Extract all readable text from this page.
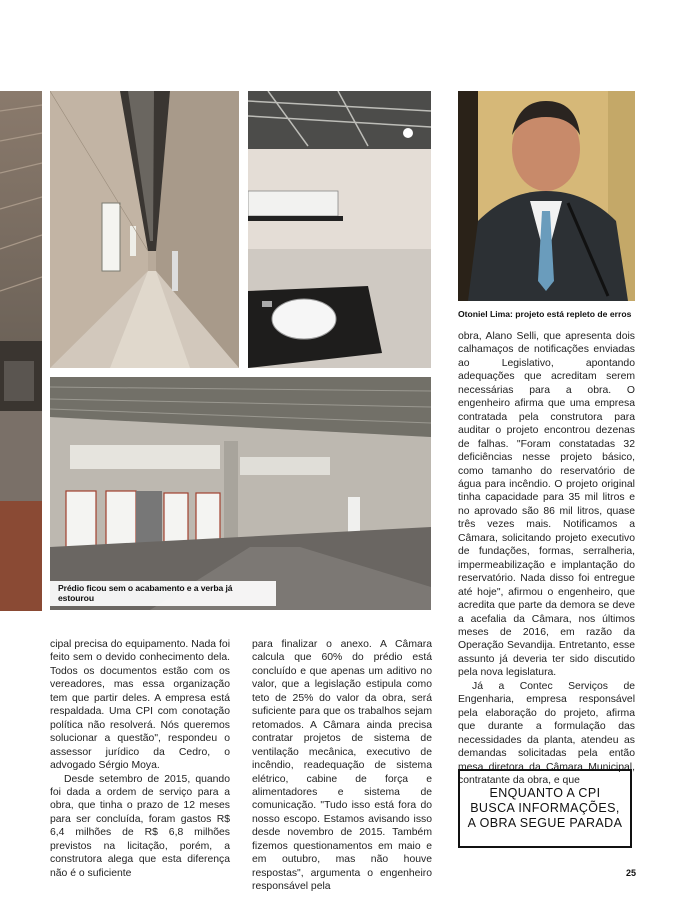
Otoniel Lima: projeto está repleto de erros
Prédio ficou sem o acabamento e a verba já estourou

cipal precisa do equipamento. Nada foi feito sem o devido conhecimento dela. Todos os documentos estão com os vereadores, mas essa organização tem que partir deles. A empresa está respaldada. Uma CPI com conotação política não resolverá. Nós queremos solucionar a questão", respondeu o assessor jurídico da Cedro, o advogado Sérgio Moya.

Desde setembro de 2015, quando foi dada a ordem de serviço para a obra, que tinha o prazo de 12 meses para ser concluída, foram gastos R$ 6,4 milhões de R$ 6,8 milhões previstos na licitação, porém, a construtora alega que esta diferença não é o suficiente

para finalizar o anexo. A Câmara calcula que 60% do prédio está concluído e que apenas um aditivo no valor, que a legislação estipula como teto de 25% do valor da obra, será suficiente para que os trabalhos sejam retomados. A Câmara ainda precisa contratar projetos de sistema de ventilação mecânica, executivo de incêndio, readequação de sistema elétrico, cabine de força e alimentadores e sistema de comunicação. "Tudo isso está fora do nosso escopo. Estamos avisando isso desde novembro de 2015. Também fizemos questionamentos em maio e em outubro, mas não houve respostas", argumenta o engenheiro responsável pela

obra, Alano Selli, que apresenta dois calhamaços de notificações enviadas ao Legislativo, apontando adequações que acreditam serem necessárias para a obra. O engenheiro afirma que uma empresa contratada pela construtora para auditar o projeto encontrou dezenas de falhas. "Foram constatadas 32 deficiências nesse projeto básico, como tamanho do reservatório de água para incêndio. O projeto original tinha capacidade para 35 mil litros e no aprovado são 86 mil litros, quase três vezes mais. Notificamos a Câmara, solicitando projeto executivo de fundações, formas, serralheria, impermeabilização e implantação do reservatório. Nada disso foi entregue até hoje", afirmou o engenheiro, que acredita que parte da demora se deve a acefalia da Câmara, nos últimos meses de 2016, em razão da Operação Sevandija. Entretanto, esse assunto já deveria ter sido discutido pela nova legislatura.

Já a Contec Serviços de Engenharia, empresa responsável pela elaboração do projeto, afirma que durante a formulação das necessidades da planta, atendeu as demandas solicitadas pela então mesa diretora da Câmara Municipal, contratante da obra, e que

ENQUANTO A CPI
BUSCA INFORMAÇÕES,
A OBRA SEGUE PARADA
25
